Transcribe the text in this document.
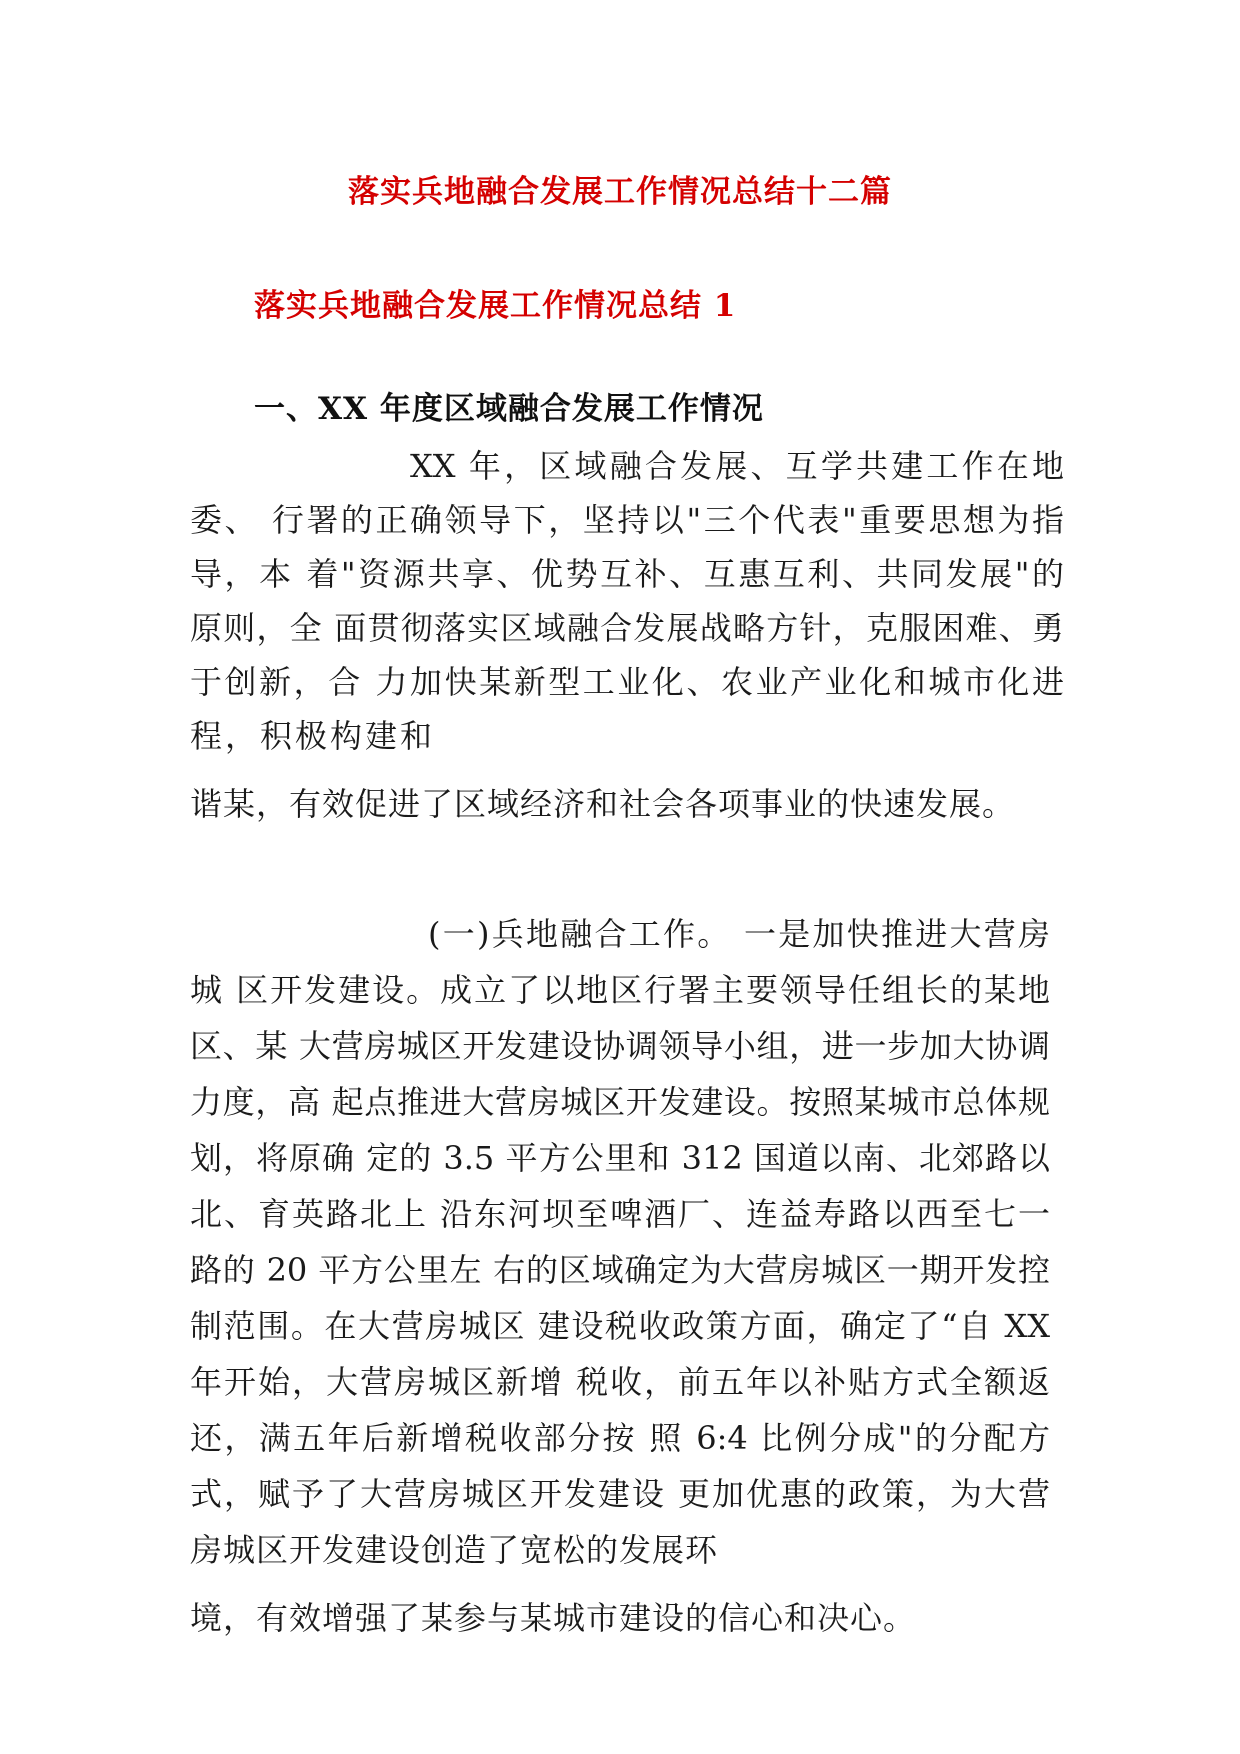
落实兵地融合发展工作情况总结十二篇
落实兵地融合发展工作情况总结 1
一、XX 年度区域融合发展工作情况
XX 年，区域融合发展、互学共建工作在地
委、 行署的正确领导下，坚持以"三个代表"重要思想为指
导，本 着"资源共享、优势互补、互惠互利、共同发展"的
原则，全 面贯彻落实区域融合发展战略方针，克服困难、勇
于创新，合 力加快某新型工业化、农业产业化和城市化进
程，积极构建和
谐某，有效促进了区域经济和社会各项事业的快速发展。
(一)兵地融合工作。 一是加快推进大营房
城 区开发建设。成立了以地区行署主要领导任组长的某地
区、某 大营房城区开发建设协调领导小组，进一步加大协调
力度，高 起点推进大营房城区开发建设。按照某城市总体规
划，将原确 定的 3.5 平方公里和 312 国道以南、北郊路以
北、育英路北上 沿东河坝至啤酒厂、连益寿路以西至七一
路的 20 平方公里左 右的区域确定为大营房城区一期开发控
制范围。在大营房城区 建设税收政策方面，确定了“自 XX
年开始，大营房城区新增 税收，前五年以补贴方式全额返
还，满五年后新增税收部分按 照 6:4 比例分成"的分配方
式，赋予了大营房城区开发建设 更加优惠的政策，为大营
房城区开发建设创造了宽松的发展环
境，有效增强了某参与某城市建设的信心和决心。
